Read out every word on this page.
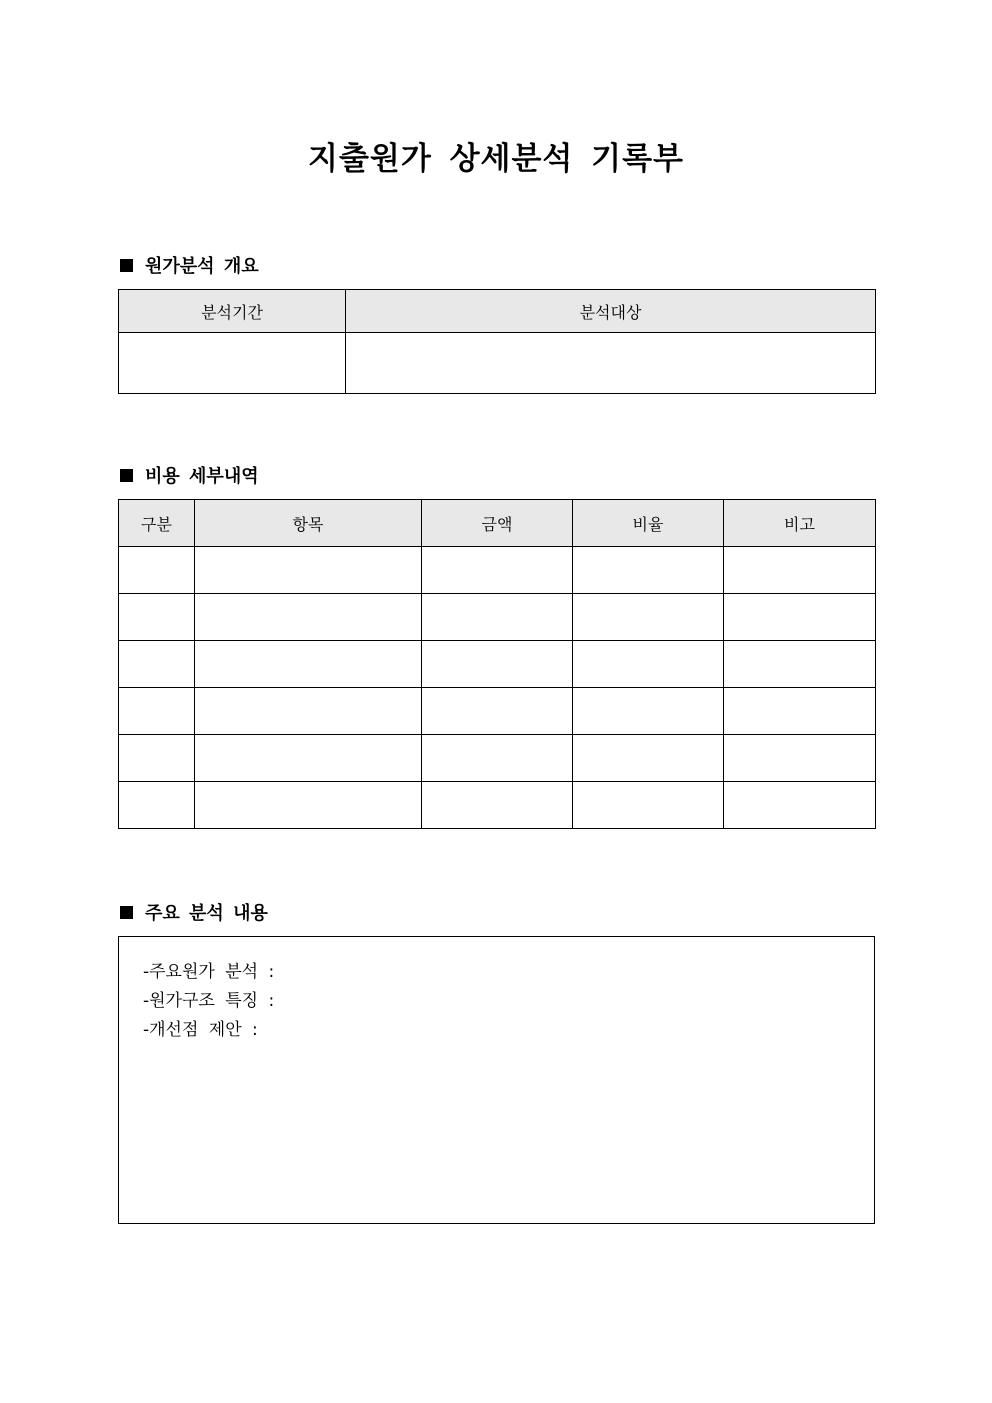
지출원가 상세분석 기록부
원가분석 개요
분석기간	분석대상

비용 세부내역
구분	항목	금액	비율	비고

주요 분석 내용
-주요원가 분석 :
-원가구조 특징 :
-개선점 제안 :
